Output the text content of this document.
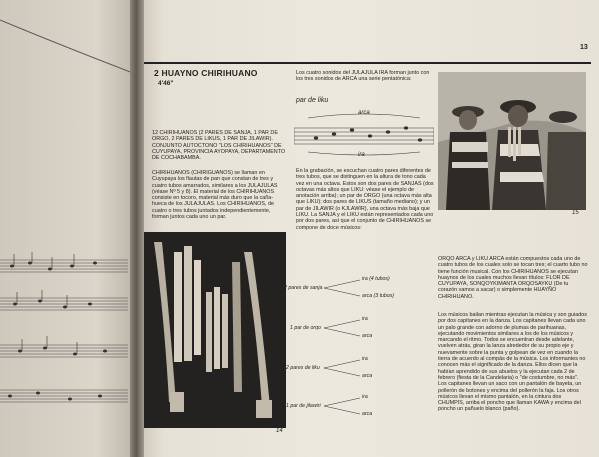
13
2 HUAYNO CHIRIHUANO
4'46"
12 CHIRIHUANOS (2 PARES DE SANJA, 1 PAR DE ORGO, 2 PARES DE LIKUS, 1 PAR DE JILAWIR). CONJUNTO AUTOCTONO "LOS CHIRIHUANOS" DE CUYUPAYA, PROVINCIA AYOPAYA, DEPARTAMENTO DE COCHABAMBA.
CHIRIHUANOS (CHIRIGUANOS) se llaman en Cuyupaya los flautas de pan que constan de tres y cuatro tubos amarrados, similares a los JULAJULAS (véase Nº 5 y 8). El material de los CHIRIHUANOS consiste en tocoro, material más duro que la caña-hueca de los JULAJULAS. Los CHIRIHUANOS, de cuatro o tres tubos juntados independientemente, forman juntos cada uno un par.
14
Los cuatro sonidos del JULAJULA IRA forman junto con los tres sonidos de ARCA una serie pentatónica:
par de liku
arca
ira
En la grabación, se escuchan cuatro pares diferentes de tres tubos, que se distinguen en la altura de tono cada vez en una octava. Estos son dos pares de SANJAS (dos octavas más altos que LIKU: véase el ejemplo de anotación arriba); un par de ORGO (una octava más alta que LIKU); dos pares de LIKUS (tamaño mediano); y un par de JILAWIR (o KJLAWIR), una octava más baja que LIKU. La SANJA y el LIKU están representados cada uno por dos pares, así que el conjunto de CHIRIHUANOS se compone de doce músicos:
2 pares de sanja
ira (4 tubos)
arca (3 tubos)
1 par de orqo
ira
arca
2 pares de liku
ira
arca
1 par de jilawiri
ira
arca
15
ORQO ARCA y LIKU ARCA están compuestos cada uno de cuatro tubos de los cuales solo se tocan tres; el cuarto tubo no tiene función musical. Con los CHIRIHUANOS se ejecutan huaynos de los cuales muchos llevan títulos: FLOR DE CUYUPAYA, SONQOYKIMANTA ORQOSAYKU (De tu corazón vamos a sacar) o simplemente HUAYÑO CHIRIHUANO.
Los músicos bailan mientras ejecutan la música y son guiados por dos capitanes en la danza. Los capitanes llevan cada uno un palo grande con adorno de plumas de parihuanas, ejecutando movimientos similares a los de los músicos y marcando el ritmo. Todos se encuentran desde adelante, vuelven atrás, giran la lanza alrededor de su propio eje y nuevamente sobre la punta y golpean de vez en cuando la tierra de acuerdo al compás de la música. Los informantes no conocen más el significado de la danza. Ellos dicen que la habían aprendido de sus abuelos y la ejecutan cada 2 de febrero (fiesta de la Candelaria) o "de costumbre, no más". Los capitanes llevan un saco con un pantalón de bayeta, un pollerón de botones y encima del pollerón la faja. Los otros músicos llevan el mismo pantalón, en la cintura dos CHUMPIS, arriba el poncho que llaman KAWA y encima del poncho un pañuelo blanco (paño).
